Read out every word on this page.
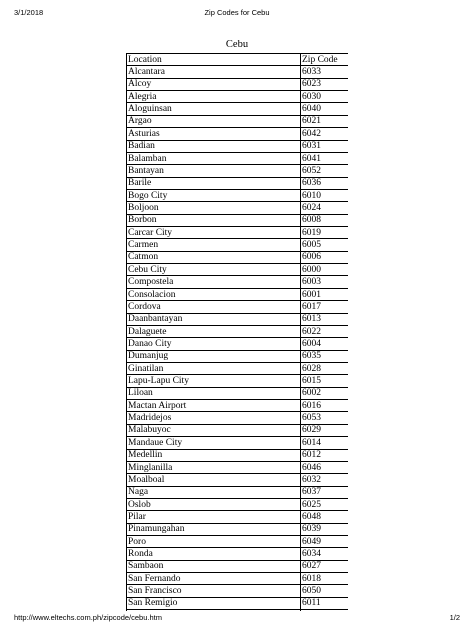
3/1/2018	Zip Codes for Cebu
Cebu
Location	Zip Code
Alcantara	6033
Alcoy	6023
Alegria	6030
Aloguinsan	6040
Argao	6021
Asturias	6042
Badian	6031
Balamban	6041
Bantayan	6052
Barile	6036
Bogo City	6010
Boljoon	6024
Borbon	6008
Carcar City	6019
Carmen	6005
Catmon	6006
Cebu City	6000
Compostela	6003
Consolacion	6001
Cordova	6017
Daanbantayan	6013
Dalaguete	6022
Danao City	6004
Dumanjug	6035
Ginatilan	6028
Lapu-Lapu City	6015
Liloan	6002
Mactan Airport	6016
Madridejos	6053
Malabuyoc	6029
Mandaue City	6014
Medellin	6012
Minglanilla	6046
Moalboal	6032
Naga	6037
Oslob	6025
Pilar	6048
Pinamungahan	6039
Poro	6049
Ronda	6034
Sambaon	6027
San Fernando	6018
San Francisco	6050
San Remigio	6011

http://www.eltechs.com.ph/zipcode/cebu.htm	1/2
